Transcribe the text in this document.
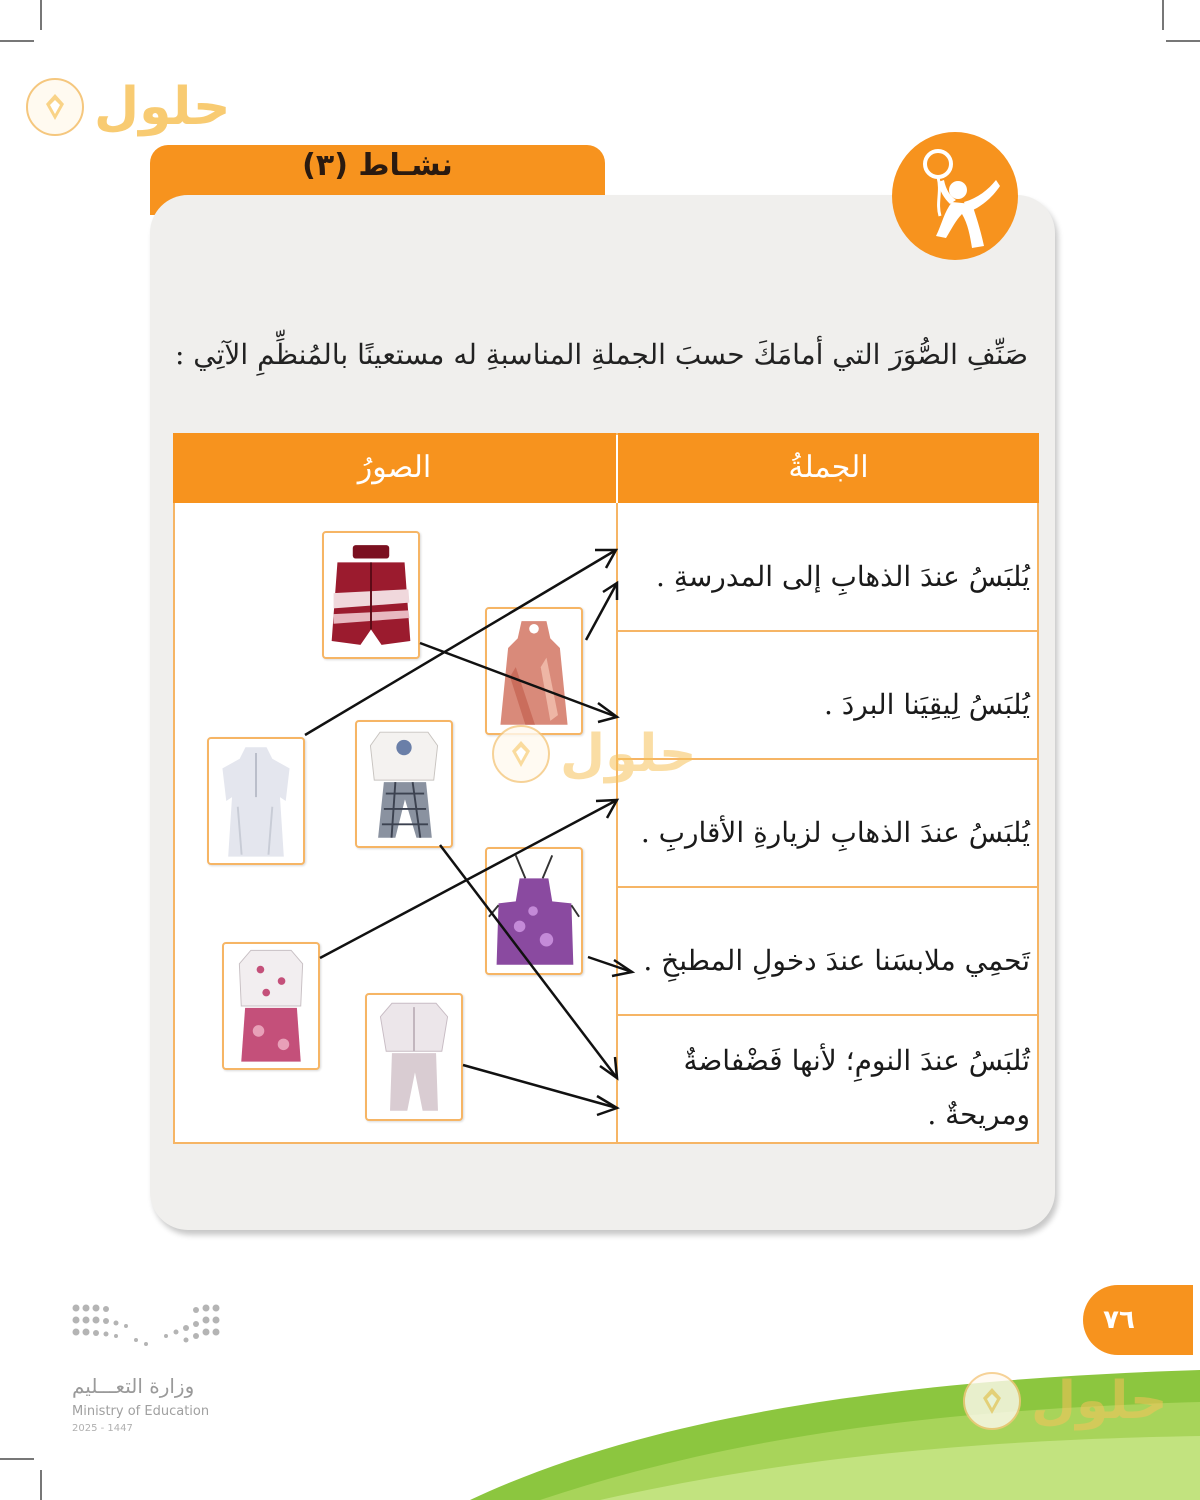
حلول
نشـاط (٣)
صَنِّفِ الصُّوَرَ التي أمامَكَ حسبَ الجملةِ المناسبةِ له مستعينًا بالمُنظِّمِ الآتِي :
الصورُ	الجملةُ
يُلبَسُ عندَ الذهابِ إلى المدرسةِ .
يُلبَسُ لِيقِيَنا البردَ .
يُلبَسُ عندَ الذهابِ لزيارةِ الأقاربِ .
تَحمِي ملابسَنا عندَ دخولِ المطبخِ .
تُلبَسُ عندَ النومِ؛ لأنها فَضْفاضةٌ ومريحةٌ .
حلول
حلول
٧٦
وزارة التعـــليم
Ministry of Education
2025 - 1447
